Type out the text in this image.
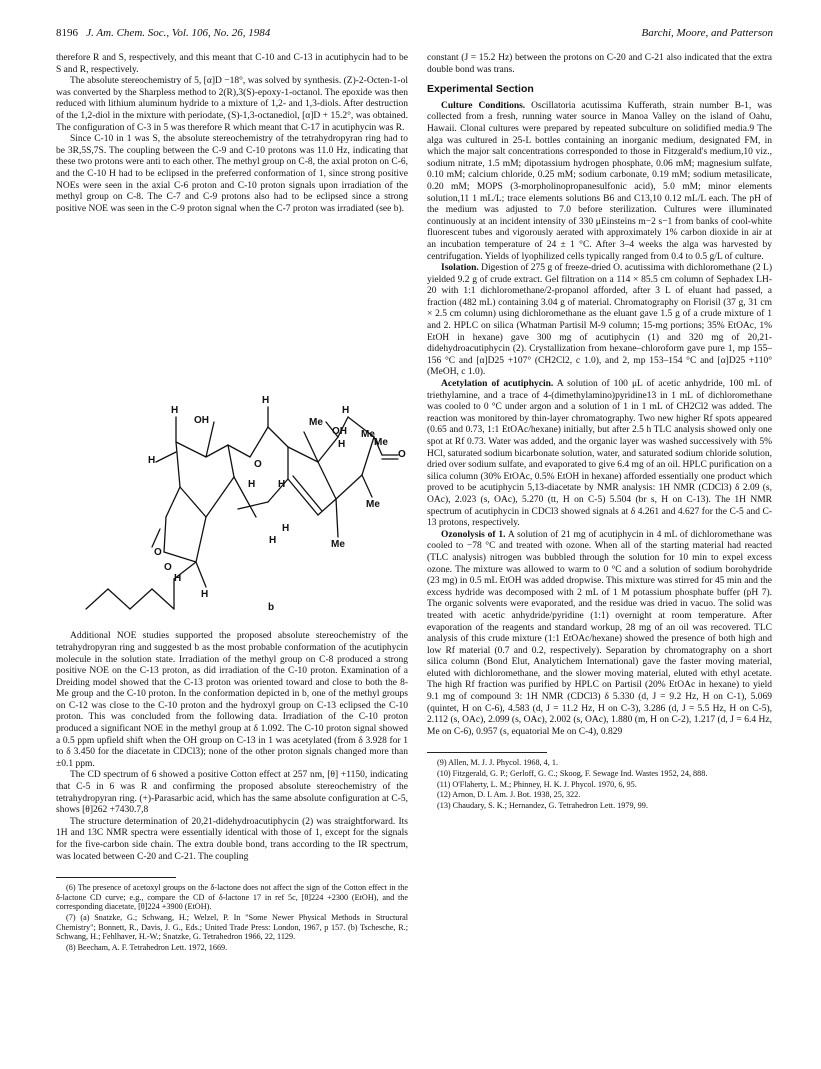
8196 J. Am. Chem. Soc., Vol. 106, No. 26, 1984	Barchi, Moore, and Patterson

therefore R and S, respectively, and this meant that C-10 and C-13 in acutiphycin had to be S and R, respectively.

The absolute stereochemistry of 5, [α]D −18°, was solved by synthesis. (Z)-2-Octen-1-ol was converted by the Sharpless method to 2(R),3(S)-epoxy-1-octanol. The epoxide was then reduced with lithium aluminum hydride to a mixture of 1,2- and 1,3-diols. After destruction of the 1,2-diol in the mixture with periodate, (S)-1,3-octanediol, [α]D + 15.2°, was obtained. The configuration of C-3 in 5 was therefore R which meant that C-17 in acutiphycin was R.

Since C-10 in 1 was S, the absolute stereochemistry of the tetrahydropyran ring had to be 3R,5S,7S. The coupling between the C-9 and C-10 protons was 11.0 Hz, indicating that these two protons were anti to each other. The methyl group on C-8, the axial proton on C-6, and the C-10 H had to be eclipsed in the preferred conformation of 1, since strong positive NOEs were seen in the axial C-6 proton and C-10 proton signals upon irradiation of the methyl group on C-8. The C-7 and C-9 protons also had to be eclipsed since a strong positive NOE was seen in the C-9 proton signal when the C-7 proton was irradiated (see b).

H
OH
H
H
Me
H
OH
H
Me
Me
O
O
H H
O
O
H
H
H
Me
Me
H
b

Additional NOE studies supported the proposed absolute stereochemistry of the tetrahydropyran ring and suggested b as the most probable conformation of the acutiphycin molecule in the solution state. Irradiation of the methyl group on C-8 produced a strong positive NOE on the C-13 proton, as did irradiation of the C-10 proton. Examination of a Dreiding model showed that the C-13 proton was oriented toward and close to both the 8-Me group and the C-10 proton. In the conformation depicted in b, one of the methyl groups on C-12 was close to the C-10 proton and the hydroxyl group on C-13 eclipsed the C-10 proton. This was concluded from the following data. Irradiation of the C-10 proton produced a significant NOE in the methyl group at δ 1.092. The C-10 proton signal showed a 0.5 ppm upfield shift when the OH group on C-13 in 1 was acetylated (from δ 3.928 for 1 to δ 3.450 for the diacetate in CDCl3); none of the other proton signals changed more than ±0.1 ppm.

The CD spectrum of 6 showed a positive Cotton effect at 257 nm, [θ] +1150, indicating that C-5 in 6 was R and confirming the proposed absolute stereochemistry of the tetrahydropyran ring. (+)-Parasarbic acid, which has the same absolute configuration at C-5, shows [θ]262 +7430.7,8

The structure determination of 20,21-didehydroacutiphycin (2) was straightforward. Its 1H and 13C NMR spectra were essentially identical with those of 1, except for the signals for the five-carbon side chain. The extra double bond, trans according to the IR spectrum, was located between C-20 and C-21. The coupling

(6) The presence of acetoxyl groups on the δ-lactone does not affect the sign of the Cotton effect in the δ-lactone CD curve; e.g., compare the CD of δ-lactone 17 in ref 5c, [θ]224 +2300 (EtOH), and the corresponding diacetate, [θ]224 +3900 (EtOH).

(7) (a) Snatzke, G.; Schwang, H.; Welzel, P. In "Some Newer Physical Methods in Structural Chemistry"; Bonnett, R., Davis, J. G., Eds.; United Trade Press: London, 1967, p 157. (b) Tschesche, R.; Schwang, H.; Fehlhaver, H.-W.; Snatzke, G. Tetrahedron 1966, 22, 1129.

(8) Beecham, A. F. Tetrahedron Lett. 1972, 1669.

constant (J = 15.2 Hz) between the protons on C-20 and C-21 also indicated that the extra double bond was trans.

Experimental Section

Culture Conditions. Oscillatoria acutissima Kufferath, strain number B-1, was collected from a fresh, running water source in Manoa Valley on the island of Oahu, Hawaii. Clonal cultures were prepared by repeated subculture on solidified media.9 The alga was cultured in 25-L bottles containing an inorganic medium, designated FM, in which the major salt concentrations corresponded to those in Fitzgerald's medium,10 viz., sodium nitrate, 1.5 mM; dipotassium hydrogen phosphate, 0.06 mM; magnesium sulfate, 0.10 mM; calcium chloride, 0.25 mM; sodium carbonate, 0.19 mM; sodium metasilicate, 0.20 mM; MOPS (3-morpholinopropanesulfonic acid), 5.0 mM; minor elements solution,11 1 mL/L; trace elements solutions B6 and C13,10 0.12 mL/L each. The pH of the medium was adjusted to 7.0 before sterilization. Cultures were illuminated continuously at an incident intensity of 330 μEinsteins m−2 s−1 from banks of cool-white fluorescent tubes and vigorously aerated with approximately 1% carbon dioxide in air at an incubation temperature of 24 ± 1 °C. After 3–4 weeks the alga was harvested by centrifugation. Yields of lyophilized cells typically ranged from 0.4 to 0.5 g/L of culture.

Isolation. Digestion of 275 g of freeze-dried O. acutissima with dichloromethane (2 L) yielded 9.2 g of crude extract. Gel filtration on a 114 × 85.5 cm column of Sephadex LH-20 with 1:1 dichloromethane/2-propanol afforded, after 3 L of eluant had passed, a fraction (482 mL) containing 3.04 g of material. Chromatography on Florisil (37 g, 31 cm × 2.5 cm column) using dichloromethane as the eluant gave 1.5 g of a crude mixture of 1 and 2. HPLC on silica (Whatman Partisil M-9 column; 15-mg portions; 35% EtOAc, 1% EtOH in hexane) gave 300 mg of acutiphycin (1) and 320 mg of 20,21-didehydroacutiphycin (2). Crystallization from hexane–chloroform gave pure 1, mp 155–156 °C and [α]D25 +107° (CH2Cl2, c 1.0), and 2, mp 153–154 °C and [α]D25 +110° (MeOH, c 1.0).

Acetylation of acutiphycin. A solution of 100 μL of acetic anhydride, 100 mL of triethylamine, and a trace of 4-(dimethylamino)pyridine13 in 1 mL of dichloromethane was cooled to 0 °C under argon and a solution of 1 in 1 mL of CH2Cl2 was added. The reaction was monitored by thin-layer chromatography. Two new higher Rf spots appeared (0.65 and 0.73, 1:1 EtOAc/hexane) initially, but after 2.5 h TLC analysis showed only one spot at Rf 0.73. Water was added, and the organic layer was washed successively with 5% HCl, saturated sodium bicarbonate solution, water, and saturated sodium chloride solution, dried over sodium sulfate, and evaporated to give 6.4 mg of an oil. HPLC purification on a silica column (30% EtOAc, 0.5% EtOH in hexane) afforded essentially one product which proved to be acutiphycin 5,13-diacetate by NMR analysis: 1H NMR (CDCl3) δ 2.09 (s, OAc), 2.023 (s, OAc), 5.270 (tt, H on C-5) 5.504 (br s, H on C-13). The 1H NMR spectrum of acutiphycin in CDCl3 showed signals at δ 4.261 and 4.627 for the C-5 and C-13 protons, respectively.

Ozonolysis of 1. A solution of 21 mg of acutiphycin in 4 mL of dichloromethane was cooled to −78 °C and treated with ozone. When all of the starting material had reacted (TLC analysis) nitrogen was bubbled through the solution for 10 min to expel excess ozone. The mixture was allowed to warm to 0 °C and a solution of sodium borohydride (23 mg) in 0.5 mL EtOH was added dropwise. This mixture was stirred for 45 min and the excess hydride was decomposed with 2 mL of 1 M potassium phosphate buffer (pH 7). The organic solvents were evaporated, and the residue was dried in vacuo. The solid was treated with acetic anhydride/pyridine (1:1) overnight at room temperature. After evaporation of the reagents and standard workup, 28 mg of an oil was recovered. TLC analysis of this crude mixture (1:1 EtOAc/hexane) showed the presence of both high and low Rf material (0.7 and 0.2, respectively). Separation by chromatography on a short silica column (Bond Elut, Analytichem International) gave the faster moving material, eluted with dichloromethane, and the slower moving material, eluted with ethyl acetate. The high Rf fraction was purified by HPLC on Partisil (20% EtOAc in hexane) to yield 9.1 mg of compound 3: 1H NMR (CDCl3) δ 5.330 (d, J = 9.2 Hz, H on C-1), 5.069 (quintet, H on C-6), 4.583 (d, J = 11.2 Hz, H on C-3), 3.286 (d, J = 5.5 Hz, H on C-5), 2.112 (s, OAc), 2.099 (s, OAc), 2.002 (s, OAc), 1.880 (m, H on C-2), 1.217 (d, J = 6.4 Hz, Me on C-6), 0.957 (s, equatorial Me on C-4), 0.829

(9) Allen, M. J. J. Phycol. 1968, 4, 1.

(10) Fitzgerald, G. P.; Gerloff, G. C.; Skoog, F. Sewage Ind. Wastes 1952, 24, 888.

(11) O'Flaherty, L. M.; Phinney, H. K. J. Phycol. 1970, 6, 95.

(12) Arnon, D. I. Am. J. Bot. 1938, 25, 322.

(13) Chaudary, S. K.; Hernandez, G. Tetrahedron Lett. 1979, 99.
